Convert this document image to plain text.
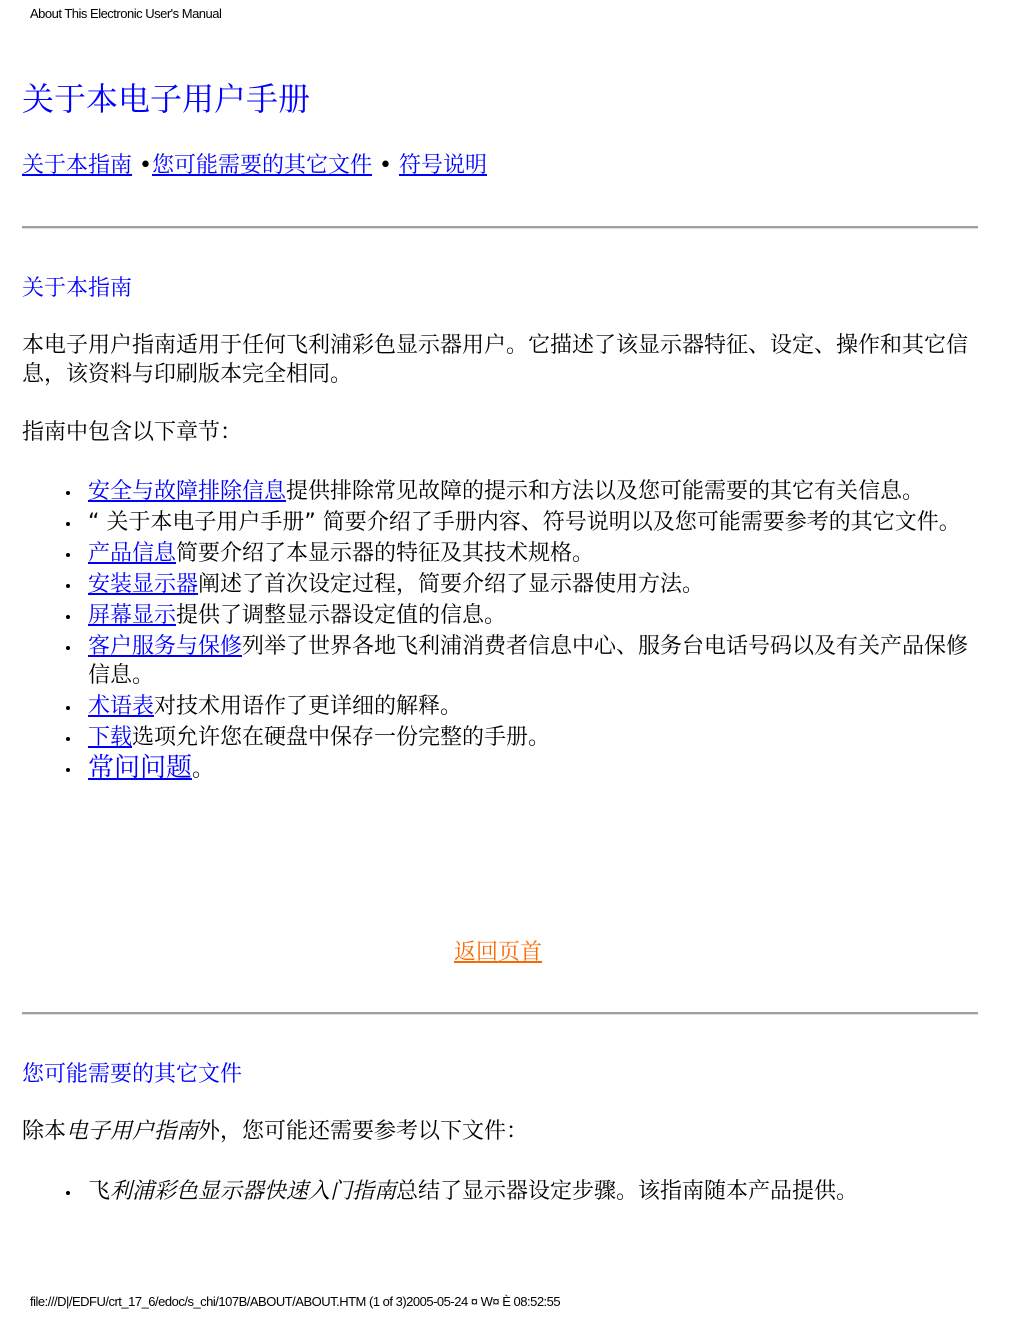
About This Electronic User's Manual
关于本电子用户手册
关于本指南 •您可能需要的其它文件 • 符号说明
关于本指南

本电子用户指南适用于任何飞利浦彩色显示器用户。它描述了该显示器特征、设定、操作和其它信息，该资料与印刷版本完全相同。

指南中包含以下章节：

安全与故障排除信息提供排除常见故障的提示和方法以及您可能需要的其它有关信息。
“ 关于本电子用户手册” 简要介绍了手册内容、符号说明以及您可能需要参考的其它文件。
产品信息简要介绍了本显示器的特征及其技术规格。
安装显示器阐述了首次设定过程，简要介绍了显示器使用方法。
屏幕显示提供了调整显示器设定值的信息。
客户服务与保修列举了世界各地飞利浦消费者信息中心、服务台电话号码以及有关产品保修信息。
术语表对技术用语作了更详细的解释。
下载选项允许您在硬盘中保存一份完整的手册。
常问问题。
返回页首
您可能需要的其它文件

除本电子用户指南外，您可能还需要参考以下文件：

飞利浦彩色显示器快速入门指南总结了显示器设定步骤。该指南随本产品提供。
file:///D|/EDFU/crt_17_6/edoc/s_chi/107B/ABOUT/ABOUT.HTM (1 of 3)2005-05-24 ¤ W¤ È 08:52:55
